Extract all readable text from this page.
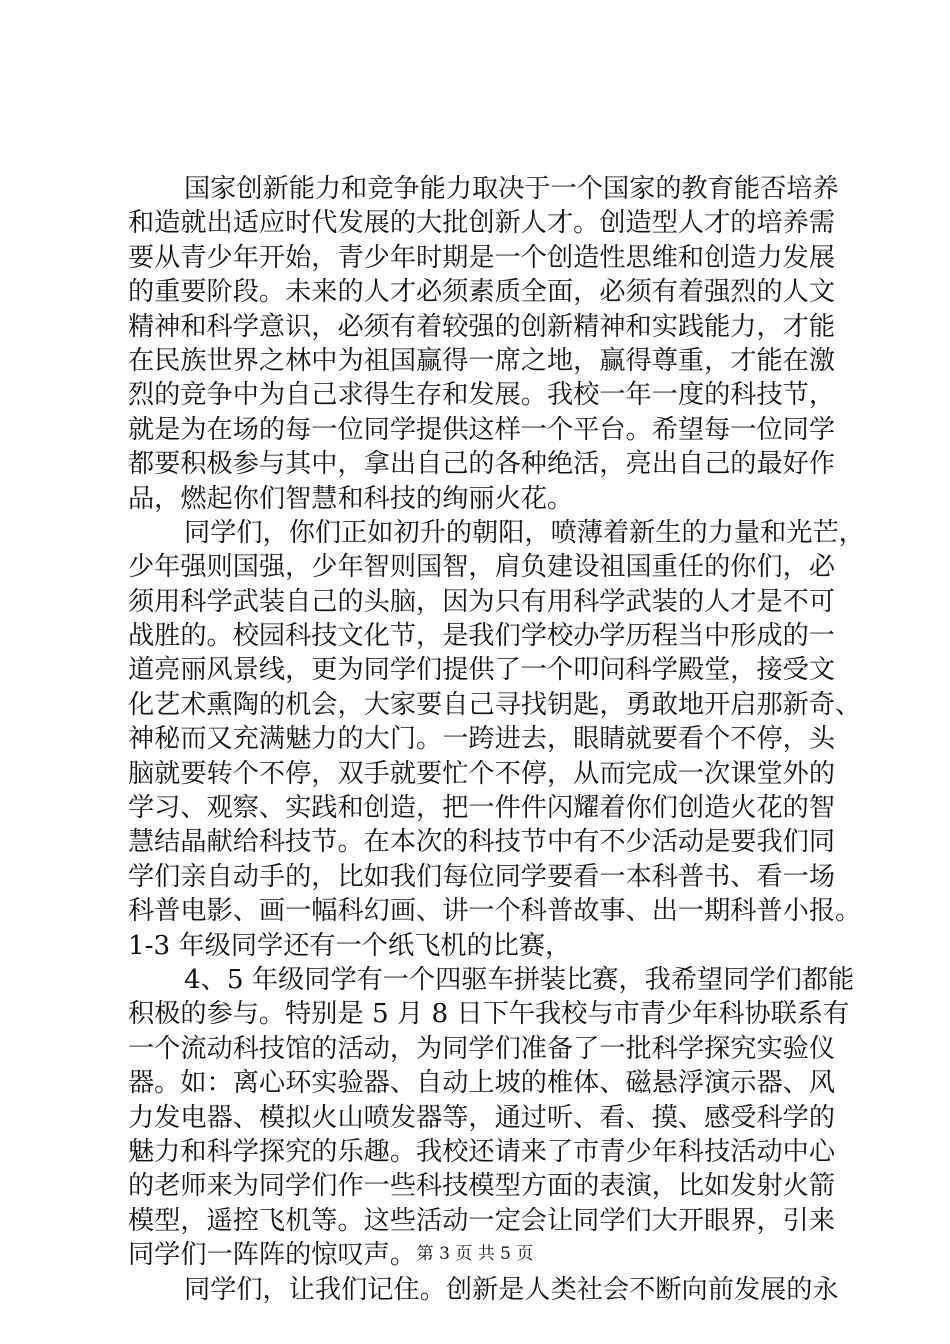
国家创新能力和竞争能力取决于一个国家的教育能否培养
和造就出适应时代发展的大批创新人才。创造型人才的培养需
要从青少年开始，青少年时期是一个创造性思维和创造力发展
的重要阶段。未来的人才必须素质全面，必须有着强烈的人文
精神和科学意识，必须有着较强的创新精神和实践能力，才能
在民族世界之林中为祖国赢得一席之地，赢得尊重，才能在激
烈的竞争中为自己求得生存和发展。我校一年一度的科技节，
就是为在场的每一位同学提供这样一个平台。希望每一位同学
都要积极参与其中，拿出自己的各种绝活，亮出自己的最好作
品，燃起你们智慧和科技的绚丽火花。
同学们，你们正如初升的朝阳，喷薄着新生的力量和光芒，
少年强则国强，少年智则国智，肩负建设祖国重任的你们，必
须用科学武装自己的头脑，因为只有用科学武装的人才是不可
战胜的。校园科技文化节，是我们学校办学历程当中形成的一
道亮丽风景线，更为同学们提供了一个叩问科学殿堂，接受文
化艺术熏陶的机会，大家要自己寻找钥匙，勇敢地开启那新奇、
神秘而又充满魅力的大门。一跨进去，眼睛就要看个不停，头
脑就要转个不停，双手就要忙个不停，从而完成一次课堂外的
学习、观察、实践和创造，把一件件闪耀着你们创造火花的智
慧结晶献给科技节。在本次的科技节中有不少活动是要我们同
学们亲自动手的，比如我们每位同学要看一本科普书、看一场
科普电影、画一幅科幻画、讲一个科普故事、出一期科普小报。
1-3 年级同学还有一个纸飞机的比赛，
4、5 年级同学有一个四驱车拼装比赛，我希望同学们都能
积极的参与。特别是 5 月 8 日下午我校与市青少年科协联系有
一个流动科技馆的活动，为同学们准备了一批科学探究实验仪
器。如：离心环实验器、自动上坡的椎体、磁悬浮演示器、风
力发电器、模拟火山喷发器等，通过听、看、摸、感受科学的
魅力和科学探究的乐趣。我校还请来了市青少年科技活动中心
的老师来为同学们作一些科技模型方面的表演，比如发射火箭
模型，遥控飞机等。这些活动一定会让同学们大开眼界，引来
同学们一阵阵的惊叹声。
同学们，让我们记住。创新是人类社会不断向前发展的永
第 3 页 共 5 页
